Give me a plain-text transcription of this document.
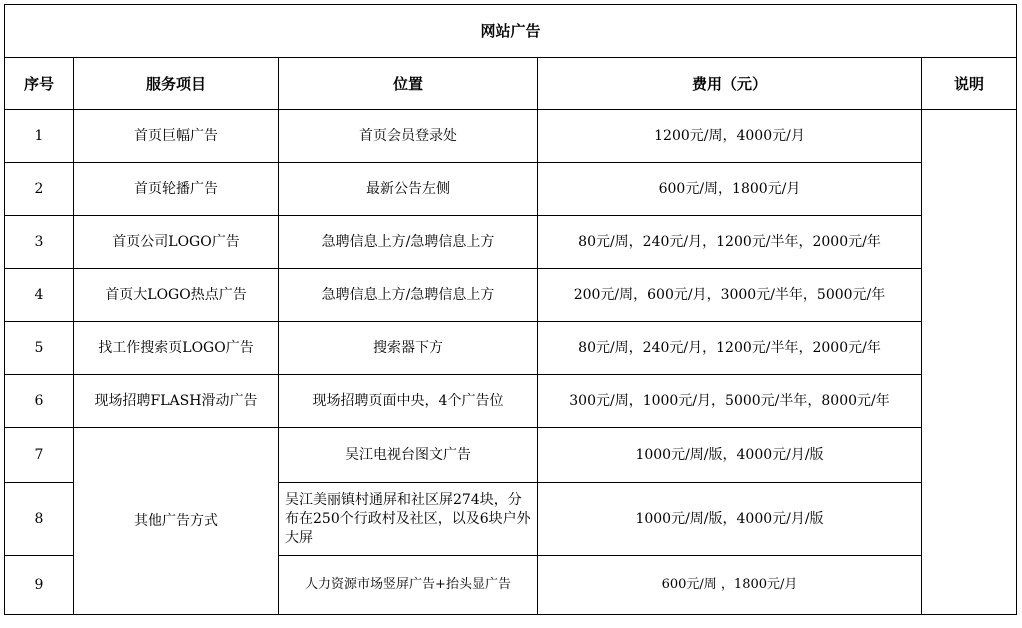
网站广告				
序号	服务项目	位置	费用（元）	说明
1	首页巨幅广告	首页会员登录处	1200元/周，4000元/月	
2	首页轮播广告	最新公告左侧	600元/周，1800元/月	
3	首页公司LOGO广告	急聘信息上方/急聘信息上方	80元/周，240元/月，1200元/半年，2000元/年	
4	首页大LOGO热点广告	急聘信息上方/急聘信息上方	200元/周，600元/月，3000元/半年，5000元/年	
5	找工作搜索页LOGO广告	搜索器下方	80元/周，240元/月，1200元/半年，2000元/年	
6	现场招聘FLASH滑动广告	现场招聘页面中央，4个广告位	300元/周，1000元/月，5000元/半年，8000元/年	
7	其他广告方式	吴江电视台图文广告	1000元/周/版，4000元/月/版	
8		吴江美丽镇村通屏和社区屏274块，分布在250个行政村及社区，以及6块户外大屏	1000元/周/版，4000元/月/版	
9		人力资源市场竖屏广告+抬头显广告	600元/周 ，1800元/月	
